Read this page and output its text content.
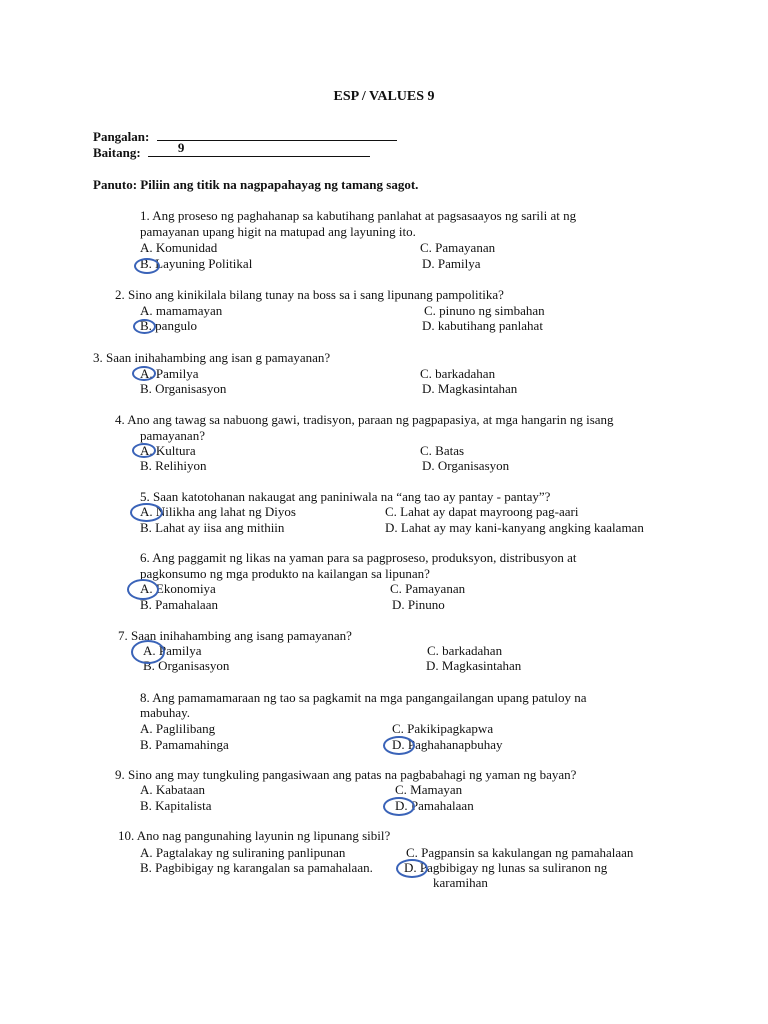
ESP / VALUES 9
Pangalan:
Baitang:	9
Panuto: Piliin ang titik na nagpapahayag ng tamang sagot.
1. Ang proseso ng paghahanap sa kabutihang panlahat at pagsasaayos ng sarili at ng
pamayanan upang higit na matupad ang layuning ito.
A. Komunidad	C. Pamayanan
B. Layuning Politikal	D. Pamilya
2. Sino ang kinikilala bilang tunay na boss sa i sang lipunang pampolitika?
A. mamamayan	C. pinuno ng simbahan
B. pangulo	D. kabutihang panlahat
3. Saan inihahambing ang isan g pamayanan?
A. Pamilya	C. barkadahan
B. Organisasyon	D. Magkasintahan
4. Ano ang tawag sa nabuong gawi, tradisyon, paraan ng pagpapasiya, at mga hangarin ng isang
pamayanan?
A. Kultura	C. Batas
B. Relihiyon	D. Organisasyon
5. Saan katotohanan nakaugat ang paniniwala na “ang tao ay pantay - pantay”?
A. Nilikha ang lahat ng Diyos	C. Lahat ay dapat mayroong pag-aari
B. Lahat ay iisa ang mithiin	D. Lahat ay may kani-kanyang angking kaalaman
6. Ang paggamit ng likas na yaman para sa pagproseso, produksyon, distribusyon at
pagkonsumo ng mga produkto na kailangan sa lipunan?
A. Ekonomiya	C. Pamayanan
B. Pamahalaan	D. Pinuno
7. Saan inihahambing ang isang pamayanan?
A. Pamilya	C. barkadahan
B. Organisasyon	D. Magkasintahan
8. Ang pamamamaraan ng tao sa pagkamit na mga pangangailangan upang patuloy na
mabuhay.
A. Paglilibang	C. Pakikipagkapwa
B. Pamamahinga	D. Paghahanapbuhay
9. Sino ang may tungkuling pangasiwaan ang patas na pagbabahagi ng yaman ng bayan?
A. Kabataan	C. Mamayan
B. Kapitalista	D. Pamahalaan
10. Ano nag pangunahing layunin ng lipunang sibil?
A. Pagtalakay ng suliraning panlipunan	C. Pagpansin sa kakulangan ng pamahalaan
B. Pagbibigay ng karangalan sa pamahalaan. D. Pagbibigay ng lunas sa suliranon ng
karamihan
